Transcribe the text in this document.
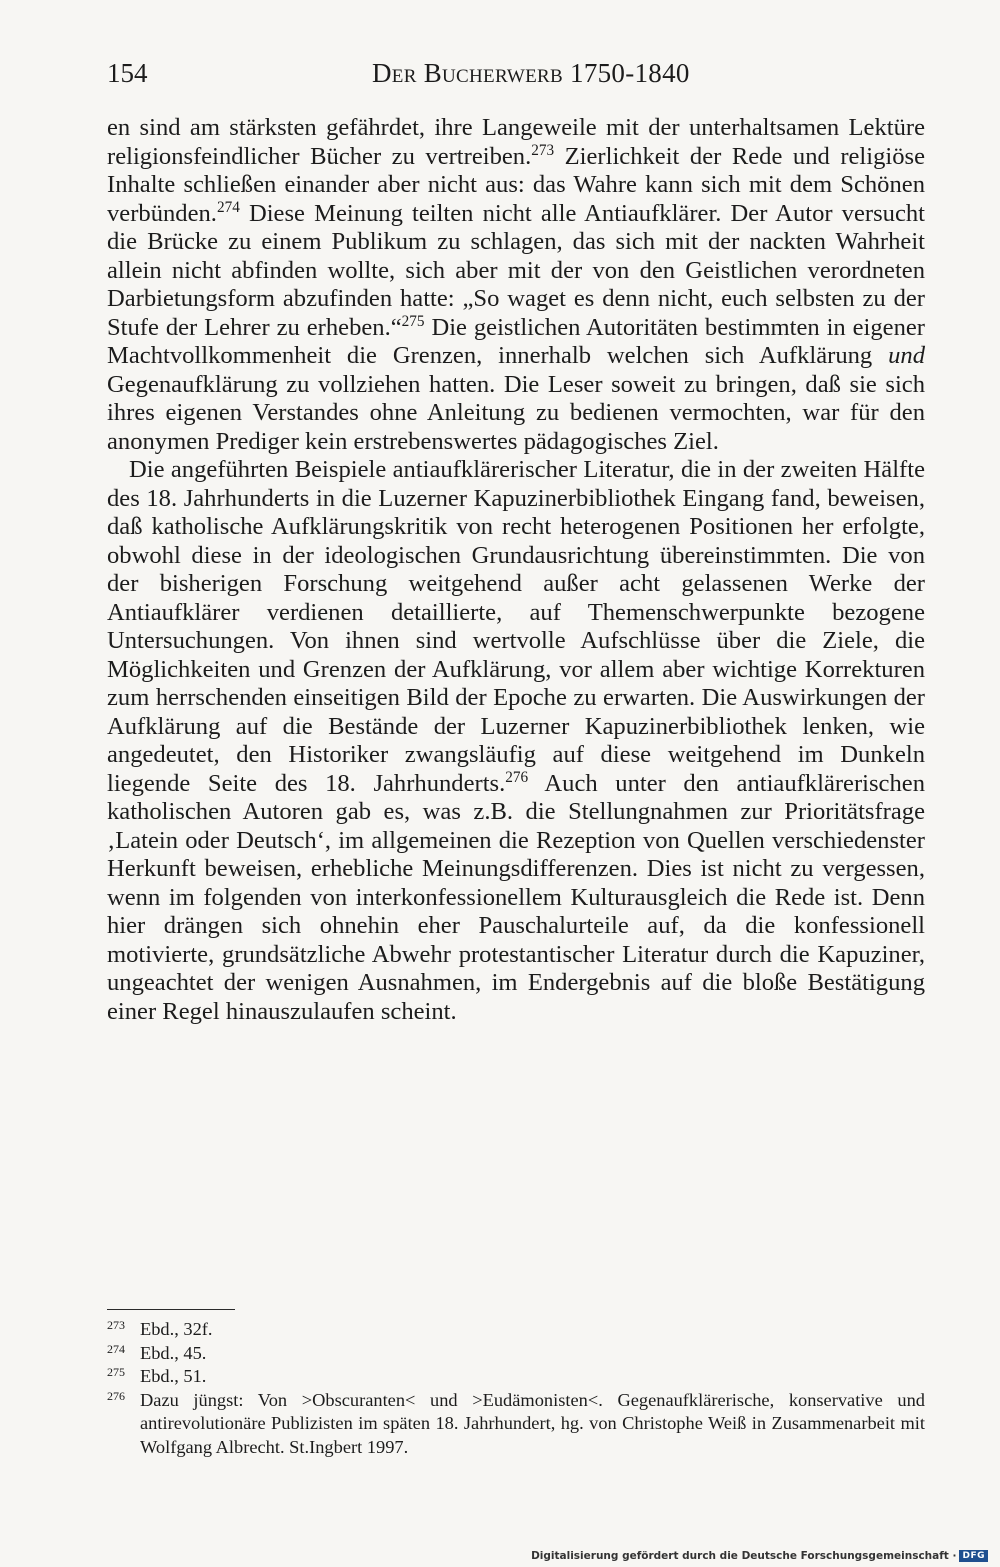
154	Der Bucherwerb 1750-1840

en sind am stärksten gefährdet, ihre Langeweile mit der unterhaltsamen Lektüre religionsfeindlicher Bücher zu vertreiben.$^{273}$ Zierlichkeit der Rede und religiöse Inhalte schließen einander aber nicht aus: das Wahre kann sich mit dem Schönen verbünden.$^{274}$ Diese Meinung teilten nicht alle Antiaufklärer. Der Autor versucht die Brücke zu einem Publikum zu schlagen, das sich mit der nackten Wahrheit allein nicht abfinden wollte, sich aber mit der von den Geistlichen verordneten Darbietungsform abzufinden hatte: „So waget es denn nicht, euch selbsten zu der Stufe der Lehrer zu erheben.“$^{275}$ Die geistlichen Autoritäten bestimmten in eigener Machtvollkommenheit die Grenzen, innerhalb welchen sich Aufklärung und Gegenaufklärung zu vollziehen hatten. Die Leser soweit zu bringen, daß sie sich ihres eigenen Verstandes ohne Anleitung zu bedienen vermochten, war für den anonymen Prediger kein erstrebenswertes pädagogisches Ziel.

Die angeführten Beispiele antiaufklärerischer Literatur, die in der zweiten Hälfte des 18. Jahrhunderts in die Luzerner Kapuzinerbibliothek Eingang fand, beweisen, daß katholische Aufklärungskritik von recht heterogenen Positionen her erfolgte, obwohl diese in der ideologischen Grundausrichtung übereinstimmten. Die von der bisherigen Forschung weitgehend außer acht gelassenen Werke der Antiaufklärer verdienen detaillierte, auf Themenschwerpunkte bezogene Untersuchungen. Von ihnen sind wertvolle Aufschlüsse über die Ziele, die Möglichkeiten und Grenzen der Aufklärung, vor allem aber wichtige Korrekturen zum herrschenden einseitigen Bild der Epoche zu erwarten. Die Auswirkungen der Aufklärung auf die Bestände der Luzerner Kapuzinerbibliothek lenken, wie angedeutet, den Historiker zwangsläufig auf diese weitgehend im Dunkeln liegende Seite des 18. Jahrhunderts.$^{276}$ Auch unter den antiaufklärerischen katholischen Autoren gab es, was z.B. die Stellungnahmen zur Prioritätsfrage ‚Latein oder Deutsch‘, im allgemeinen die Rezeption von Quellen verschiedenster Herkunft beweisen, erhebliche Meinungsdifferenzen. Dies ist nicht zu vergessen, wenn im folgenden von interkonfessionellem Kulturausgleich die Rede ist. Denn hier drängen sich ohnehin eher Pauschalurteile auf, da die konfessionell motivierte, grundsätzliche Abwehr protestantischer Literatur durch die Kapuziner, ungeachtet der wenigen Ausnahmen, im Endergebnis auf die bloße Bestätigung einer Regel hinauszulaufen scheint.

273 Ebd., 32f.
274 Ebd., 45.
275 Ebd., 51.
276 Dazu jüngst: Von >Obscuranten< und >Eudämonisten<. Gegenaufklärerische, konservative und antirevolutionäre Publizisten im späten 18. Jahrhundert, hg. von Christophe Weiß in Zusammenarbeit mit Wolfgang Albrecht. St.Ingbert 1997.
Digitalisierung gefördert durch die Deutsche Forschungsgemeinschaft · DFG
